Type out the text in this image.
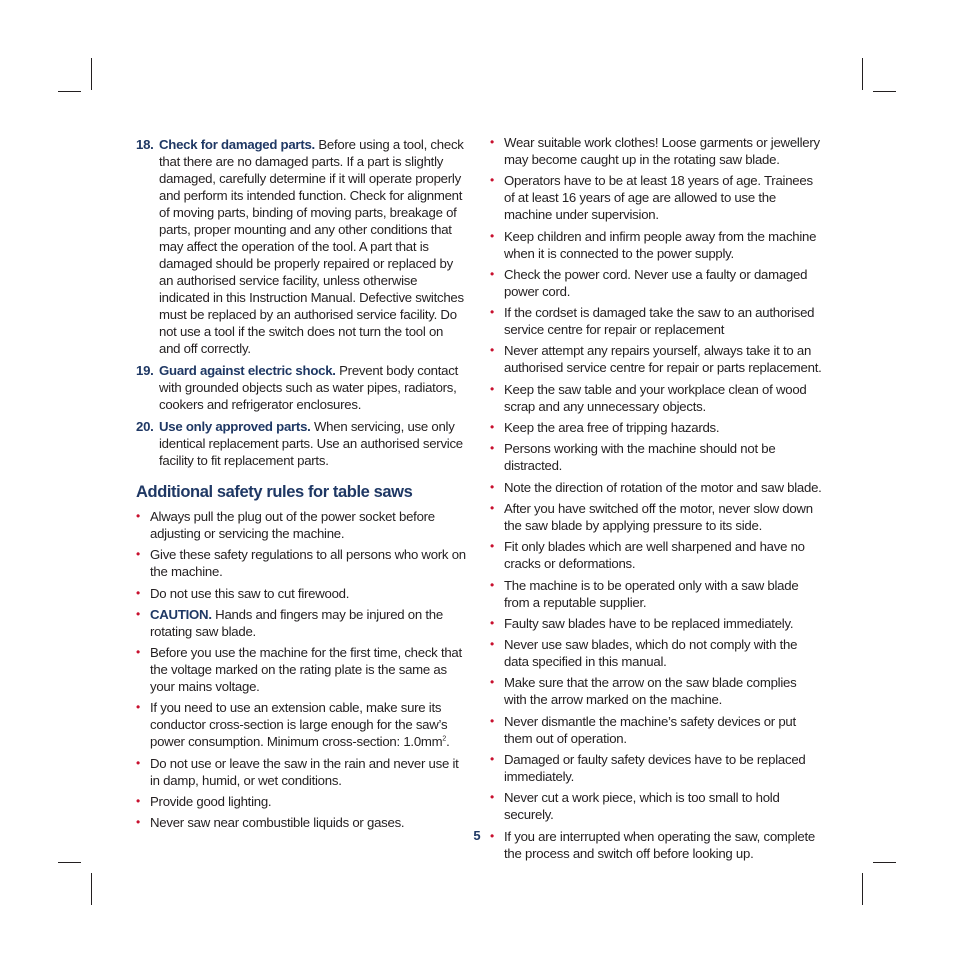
18. Check for damaged parts. Before using a tool, check that there are no damaged parts. If a part is slightly damaged, carefully determine if it will operate properly and perform its intended function. Check for alignment of moving parts, binding of moving parts, breakage of parts, proper mounting and any other conditions that may affect the operation of the tool. A part that is damaged should be properly repaired or replaced by an authorised service facility, unless otherwise indicated in this Instruction Manual. Defective switches must be replaced by an authorised service facility. Do not use a tool if the switch does not turn the tool on and off correctly.
19. Guard against electric shock. Prevent body contact with grounded objects such as water pipes, radiators, cookers and refrigerator enclosures.
20. Use only approved parts. When servicing, use only identical replacement parts. Use an authorised service facility to fit replacement parts.
Additional safety rules for table saws
• Always pull the plug out of the power socket before adjusting or servicing the machine.
• Give these safety regulations to all persons who work on the machine.
• Do not use this saw to cut firewood.
• CAUTION. Hands and fingers may be injured on the rotating saw blade.
• Before you use the machine for the first time, check that the voltage marked on the rating plate is the same as your mains voltage.
• If you need to use an extension cable, make sure its conductor cross-section is large enough for the saw’s power consumption. Minimum cross-section: $1.0mm^2$.
• Do not use or leave the saw in the rain and never use it in damp, humid, or wet conditions.
• Provide good lighting.
• Never saw near combustible liquids or gases.
• Wear suitable work clothes! Loose garments or jewellery may become caught up in the rotating saw blade.
• Operators have to be at least 18 years of age. Trainees of at least 16 years of age are allowed to use the machine under supervision.
• Keep children and infirm people away from the machine when it is connected to the power supply.
• Check the power cord. Never use a faulty or damaged power cord.
• If the cordset is damaged take the saw to an authorised service centre for repair or replacement
• Never attempt any repairs yourself, always take it to an authorised service centre for repair or parts replacement.
• Keep the saw table and your workplace clean of wood scrap and any unnecessary objects.
• Keep the area free of tripping hazards.
• Persons working with the machine should not be distracted.
• Note the direction of rotation of the motor and saw blade.
• After you have switched off the motor, never slow down the saw blade by applying pressure to its side.
• Fit only blades which are well sharpened and have no cracks or deformations.
• The machine is to be operated only with a saw blade from a reputable supplier.
• Faulty saw blades have to be replaced immediately.
• Never use saw blades, which do not comply with the data specified in this manual.
• Make sure that the arrow on the saw blade complies with the arrow marked on the machine.
• Never dismantle the machine’s safety devices or put them out of operation.
• Damaged or faulty safety devices have to be replaced immediately.
• Never cut a work piece, which is too small to hold securely.
• If you are interrupted when operating the saw, complete the process and switch off before looking up.
5
